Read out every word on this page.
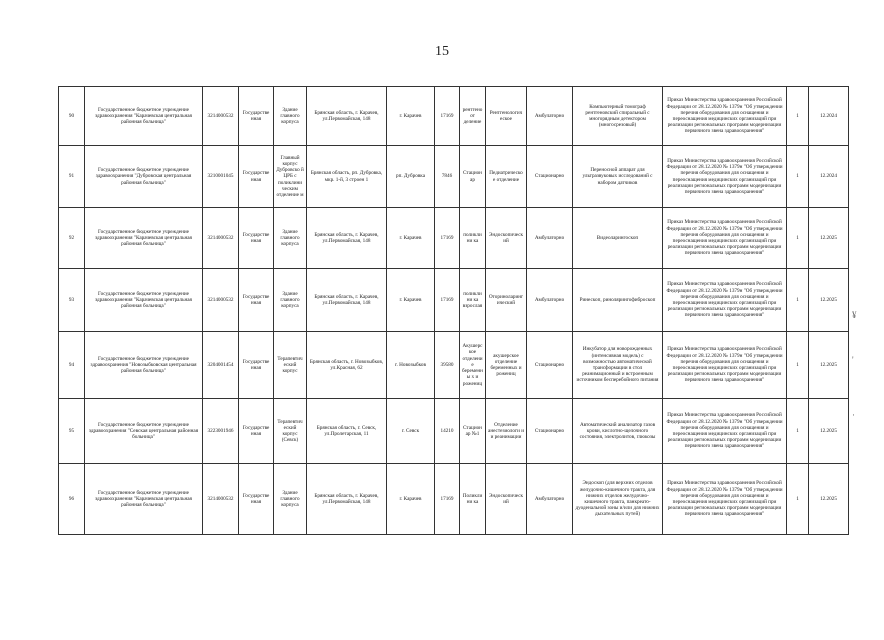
15
90	Государственное бюджетное учреждение здравоохранения "Карачевская центральная районная больница"	3214000532	Государстве нная	Здание главного корпуса	Брянская область, г. Карачев, ул.Первомайская, 148	г. Карачев	17169	рентгеноот деление	Рентгенологич еское	Амбулаторно	Компьютерный томограф рентгеновский спиральный с многорядным детектором (многосрезовый)	Приказ Министерства здравоохранения Российской Федерации от 28.12.2020 № 1379н "Об утверждении перечня оборудования для оснащения и переоснащения медицинских организаций при реализации региональных программ модернизации первичного звена здравоохранения"	1	12.2024
91	Государственное бюджетное учреждение здравоохранения "Дубровская центральная районная больница"	3210001045	Государстве нная	Главный корпус Дубровско й ЦРБ с поликлини ческим отделение м	Брянская область, рп. Дубровка, мкр. 1-й, 3 строен 1	рп. Дубровка	7846	Стационар	Педиатрическо е отделение	Стационарно	Переносной аппарат для ультразвуковых исследований с набором датчиков	Приказ Министерства здравоохранения Российской Федерации от 28.12.2020 № 1379н "Об утверждении перечня оборудования для оснащения и переоснащения медицинских организаций при реализации региональных программ модернизации первичного звена здравоохранения"	1	12.2024
92	Государственное бюджетное учреждение здравоохранения "Карачевская центральная районная больница"	3214000532	Государстве нная	Здание главного корпуса	Брянская область, г. Карачев, ул.Первомайская, 148	г. Карачев	17169	поликлини ка	Эндоскопическ ий	Амбулаторно	Видеоларингоскоп	Приказ Министерства здравоохранения Российской Федерации от 28.12.2020 № 1379н "Об утверждении перечня оборудования для оснащения и переоснащения медицинских организаций при реализации региональных программ модернизации первичного звена здравоохранения"	1	12.2025
93	Государственное бюджетное учреждение здравоохранения "Карачевская центральная районная больница"	3214000532	Государстве нная	Здание главного корпуса	Брянская область, г. Карачев, ул.Первомайская, 148	г. Карачев	17169	поликлини ка взрослая	Оториноларинг ический	Амбулаторно	Ринескоп, ринолярингофиброскоп	Приказ Министерства здравоохранения Российской Федерации от 28.12.2020 № 1379н "Об утверждении перечня оборудования для оснащения и переоснащения медицинских организаций при реализации региональных программ модернизации первичного звена здравоохранения"	1	12.2025
94	Государственное бюджетное учреждение здравоохранения "Новозыбковская центральная районная больница"	3204001454	Государстве нная	Терапевтич еский корпус	Брянская область, г. Новозыбков, ул.Красная, 62	г. Новозыбков	39580	Акушерское отделение беременны х и рожениц	акушерское отделение беременных и рожениц	Стационарно	Инкубатор для новорожденных (интенсивная модель) с возможностью автоматической трансформации в стол реанимационный и встроенным источником бесперебойного питания	Приказ Министерства здравоохранения Российской Федерации от 28.12.2020 № 1379н "Об утверждении перечня оборудования для оснащения и переоснащения медицинских организаций при реализации региональных программ модернизации первичного звена здравоохранения"	1	12.2025
95	Государственное бюджетное учреждение здравоохранения "Севская центральная районная больница"	3223001946	Государстве нная	Терапевтич еский корпус (Севск)	Брянская область, г. Севск, ул.Пролетарская, 11	г. Севск	14210	Стационар №1	Отделение анестезиологи и и реанимации	Стационарно	Автоматический анализатор газов крови, кислотно-щелочного состояния, электролитов, глюкозы	Приказ Министерства здравоохранения Российской Федерации от 28.12.2020 № 1379н "Об утверждении перечня оборудования для оснащения и переоснащения медицинских организаций при реализации региональных программ модернизации первичного звена здравоохранения"	1	12.2025
96	Государственное бюджетное учреждение здравоохранения "Карачевская центральная районная больница"	3214000532	Государстве нная	Здание главного корпуса	Брянская область, г. Карачев, ул.Первомайская, 148	г. Карачев	17169	Поликлини ка	Эндоскопическ ий	Амбулаторно	Эндоскоп (для верхних отделов желудочно-кишечного тракта, для нижних отделов желудочно-кишечного тракта, панкреато-дуоденальной зоны и/или для нижних дыхательных путей)	Приказ Министерства здравоохранения Российской Федерации от 28.12.2020 № 1379н "Об утверждении перечня оборудования для оснащения и переоснащения медицинских организаций при реализации региональных программ модернизации первичного звена здравоохранения"	1	12.2025
¥
'
·
